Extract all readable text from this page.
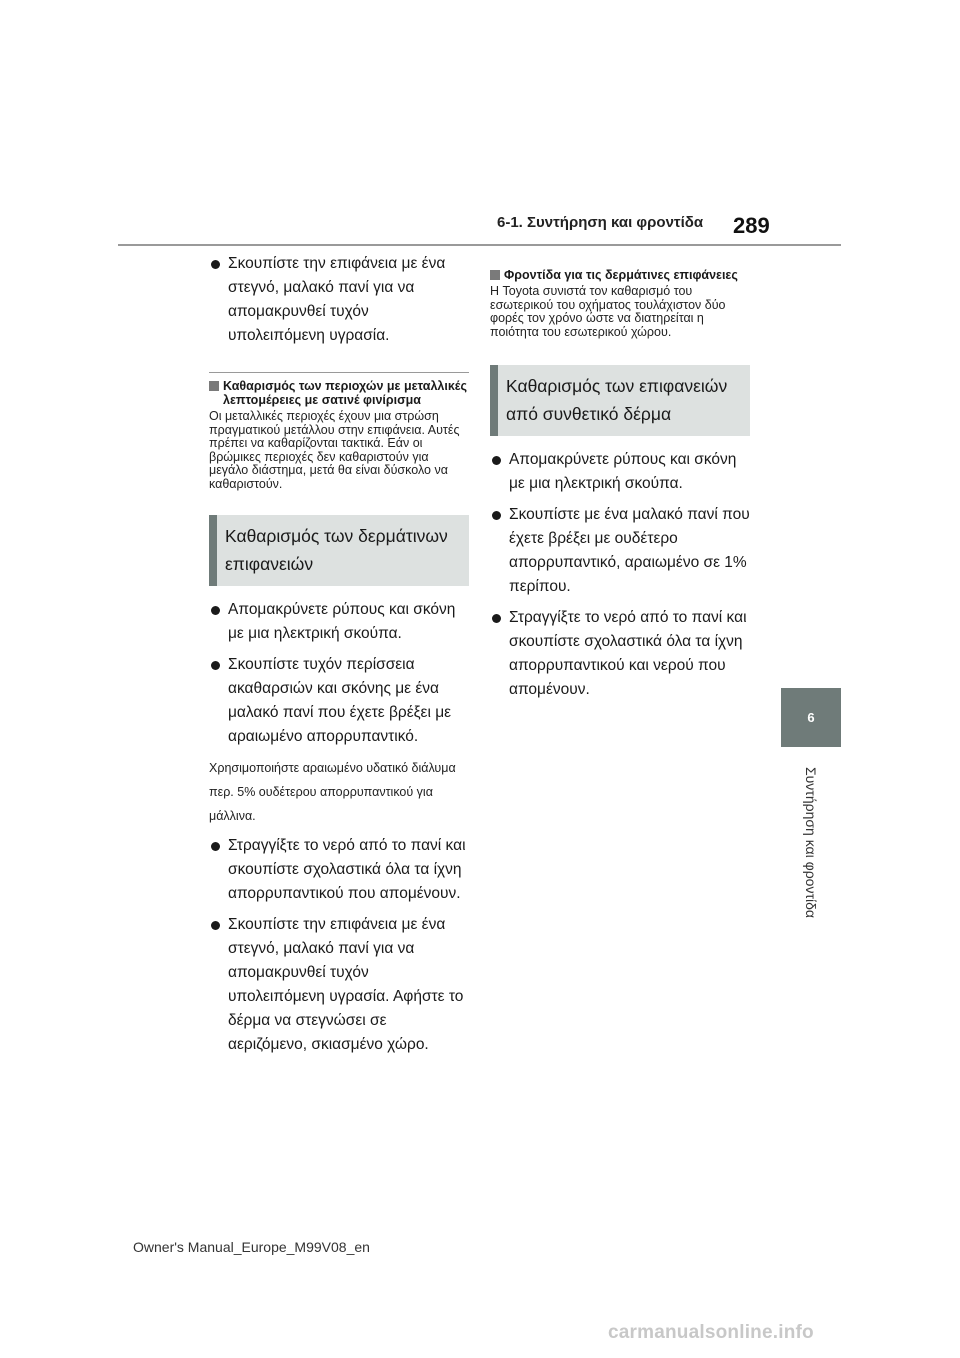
6-1. Συντήρηση και φροντίδα 289
6
Συντήρηση και φροντίδα
Σκουπίστε την επιφάνεια με ένα στεγνό, μαλακό πανί για να απομακρυνθεί τυχόν υπολειπόμενη υγρασία.
Καθαρισμός των περιοχών με μεταλλικές λεπτομέρειες με σατινέ φινίρισμα
Οι μεταλλικές περιοχές έχουν μια στρώση πραγματικού μετάλλου στην επιφάνεια. Αυτές πρέπει να καθαρίζονται τακτικά. Εάν οι βρώμικες περιοχές δεν καθαριστούν για μεγάλο διάστημα, μετά θα είναι δύσκολο να καθαριστούν.
Καθαρισμός των δερμάτινων επιφανειών
Απομακρύνετε ρύπους και σκόνη με μια ηλεκτρική σκούπα.
Σκουπίστε τυχόν περίσσεια ακαθαρσιών και σκόνης με ένα μαλακό πανί που έχετε βρέξει με αραιωμένο απορρυπαντικό.
Χρησιμοποιήστε αραιωμένο υδατικό διάλυμα περ. 5% ουδέτερου απορρυπαντικού για μάλλινα.
Στραγγίξτε το νερό από το πανί και σκουπίστε σχολαστικά όλα τα ίχνη απορρυπαντικού που απομένουν.
Σκουπίστε την επιφάνεια με ένα στεγνό, μαλακό πανί για να απομακρυνθεί τυχόν υπολειπόμενη υγρασία. Αφήστε το δέρμα να στεγνώσει σε αεριζόμενο, σκιασμένο χώρο.
Φροντίδα για τις δερμάτινες επιφάνειες
Η Toyota συνιστά τον καθαρισμό του εσωτερικού του οχήματος τουλάχιστον δύο φορές τον χρόνο ώστε να διατηρείται η ποιότητα του εσωτερικού χώρου.
Καθαρισμός των επιφανειών από συνθετικό δέρμα
Απομακρύνετε ρύπους και σκόνη με μια ηλεκτρική σκούπα.
Σκουπίστε με ένα μαλακό πανί που έχετε βρέξει με ουδέτερο απορρυπαντικό, αραιωμένο σε 1% περίπου.
Στραγγίξτε το νερό από το πανί και σκουπίστε σχολαστικά όλα τα ίχνη απορρυπαντικού και νερού που απομένουν.
Owner's Manual_Europe_M99V08_en
carmanualsonline.info
